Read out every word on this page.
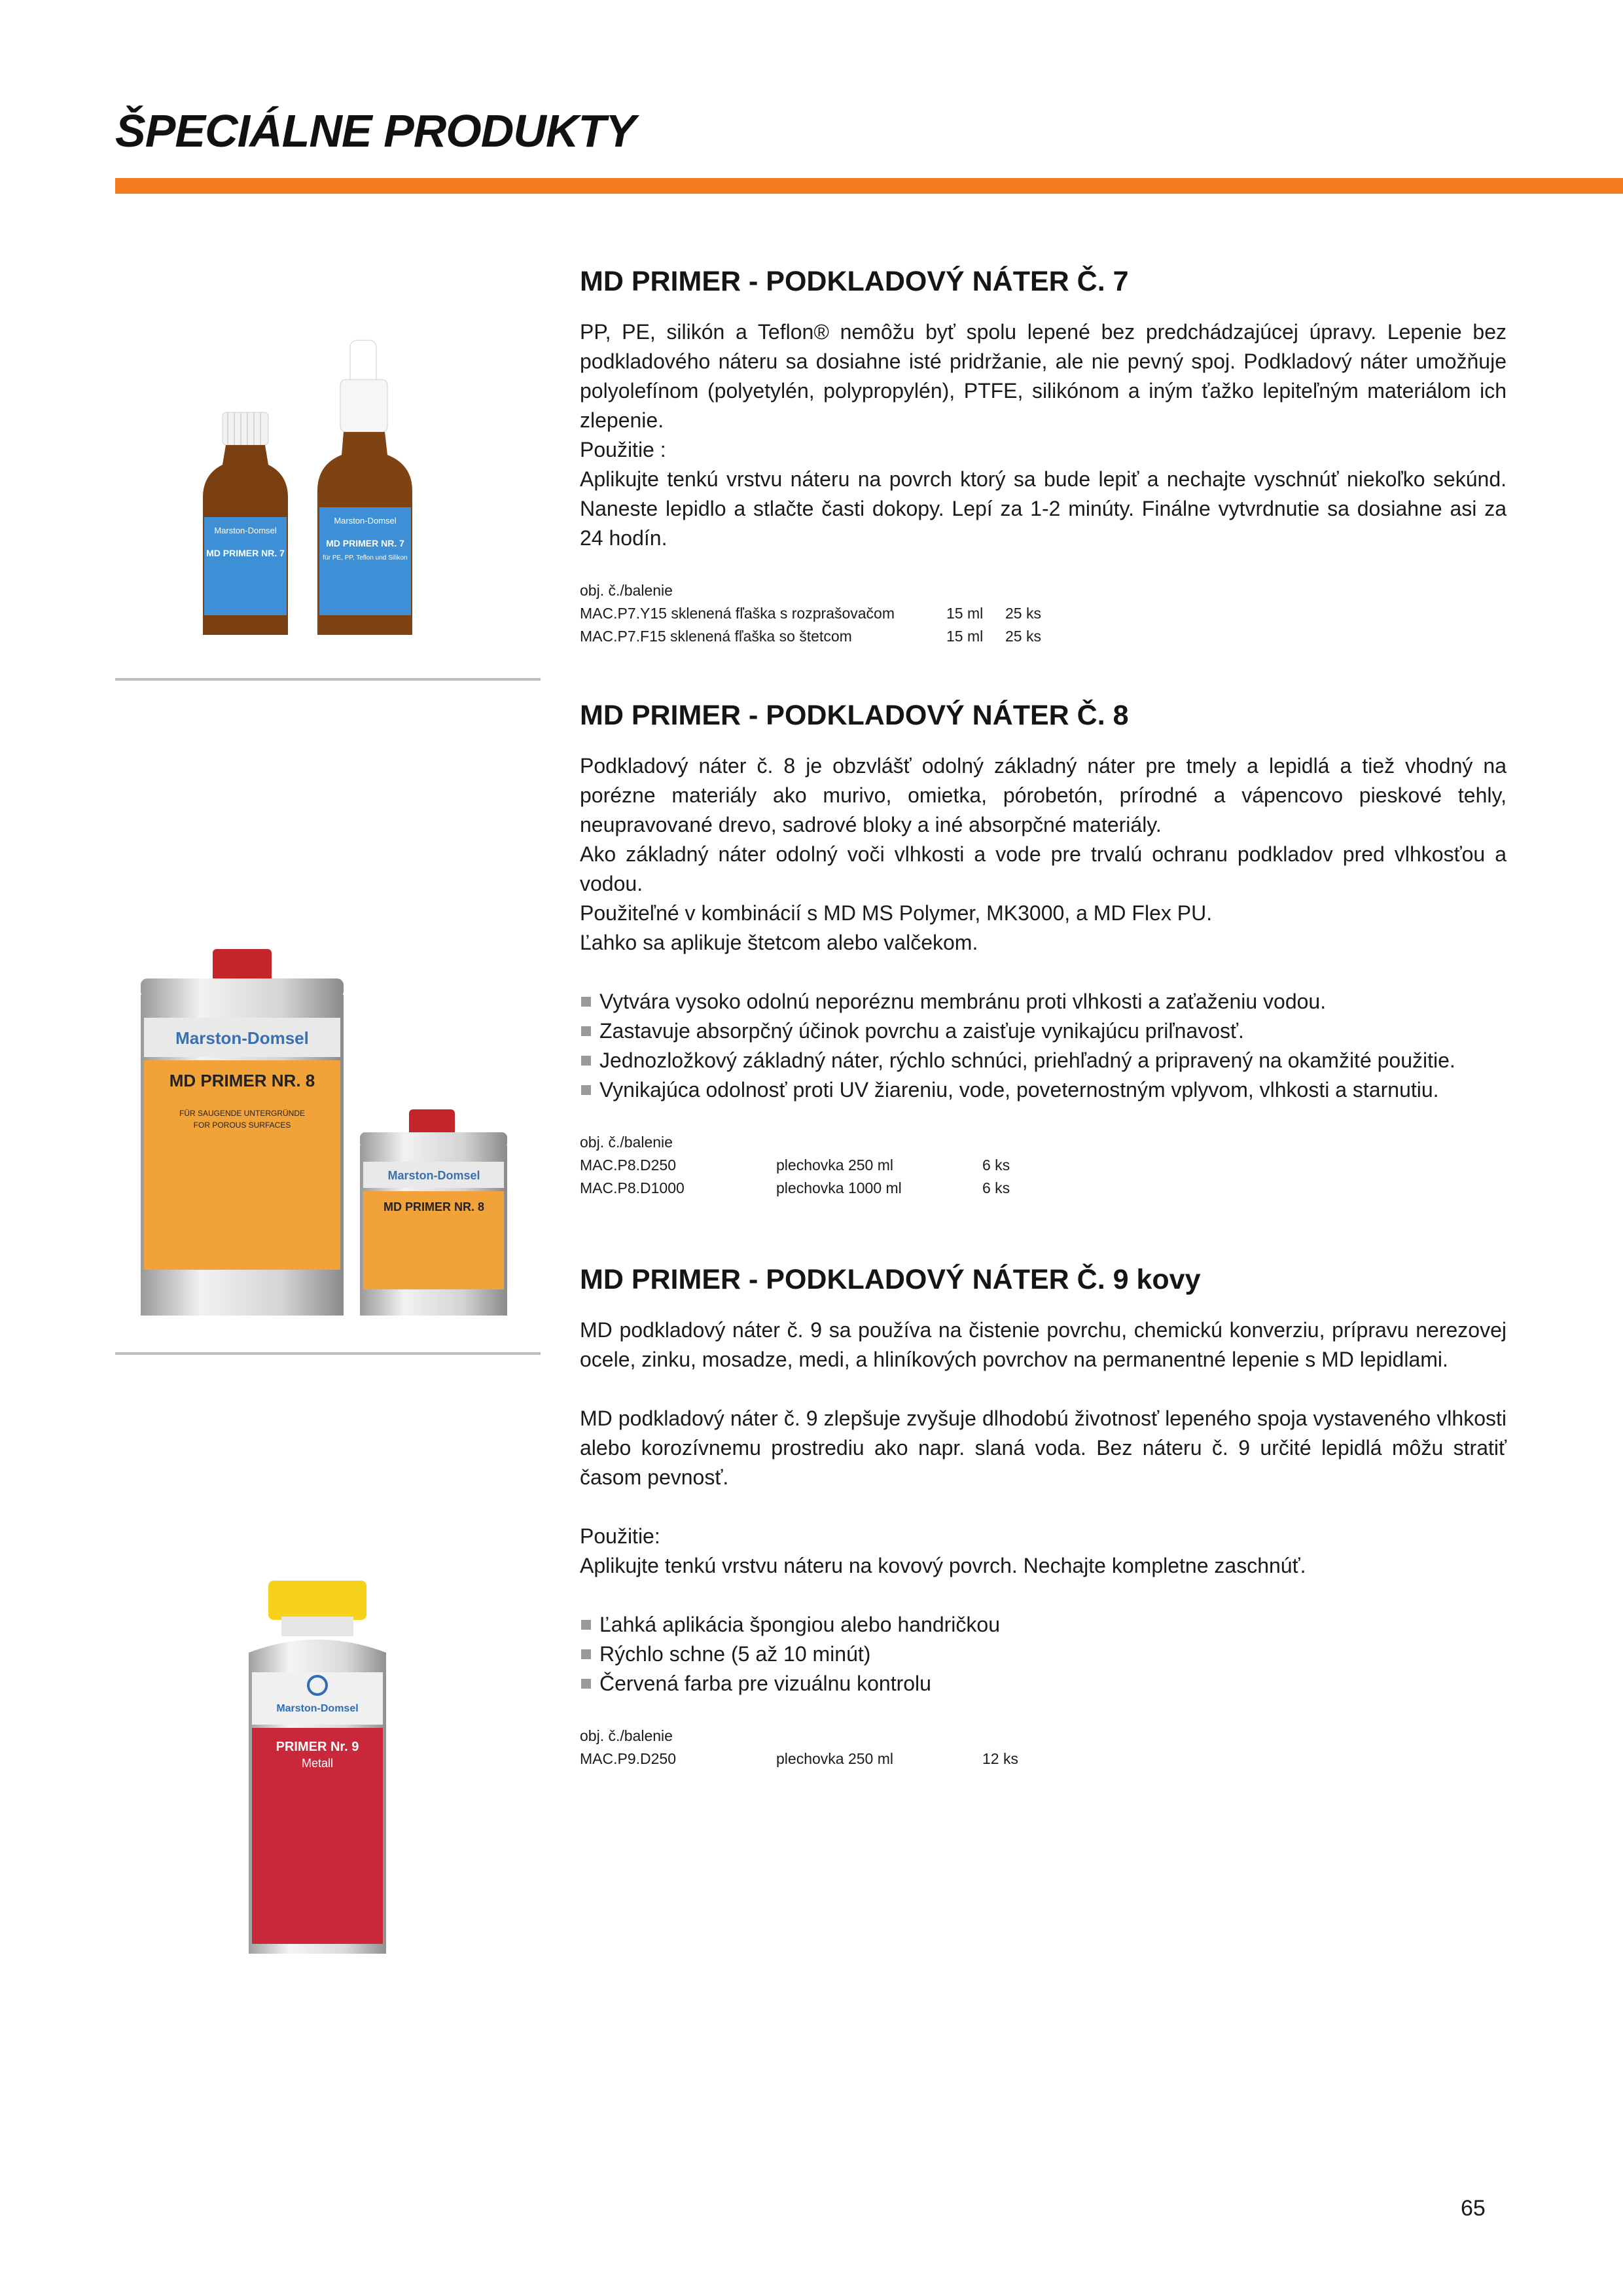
ŠPECIÁLNE PRODUKTY
Marston-Domsel
MD PRIMER NR. 7
Marston-Domsel
MD PRIMER NR. 7
für PE, PP, Teflon und Silikon
Marston-Domsel
MD PRIMER NR. 8
FÜR SAUGENDE UNTERGRÜNDE
FOR POROUS SURFACES
Marston-Domsel
MD PRIMER NR. 8
Marston-Domsel
PRIMER Nr. 9
Metall
MD PRIMER - PODKLADOVÝ NÁTER Č. 7

PP, PE, silikón a Teflon® nemôžu byť spolu lepené bez predchádzajúcej úpravy. Lepenie bez podkladového náteru sa dosiahne isté pridržanie, ale nie pevný spoj. Podkladový náter umožňuje polyolefínom (polyetylén, polypropylén), PTFE, silikónom a iným ťažko lepiteľným materiálom ich zlepenie.

Použitie :

Aplikujte tenkú vrstvu náteru na povrch ktorý sa bude lepiť a nechajte vyschnúť niekoľko sekúnd. Naneste lepidlo a stlačte časti dokopy. Lepí za 1-2 minúty. Finálne vytvrdnutie sa dosiahne asi za 24 hodín.

obj. č./balenie
MAC.P7.Y15 sklenená fľaška s rozprašovačom	15 ml	25 ks
MAC.P7.F15 sklenená fľaška so štetcom	15 ml	25 ks
MD PRIMER - PODKLADOVÝ NÁTER Č. 8

Podkladový náter č. 8 je obzvlášť odolný základný náter pre tmely a lepidlá a tiež vhodný na porézne materiály ako murivo, omietka, pórobetón, prírodné a vápencovo pieskové tehly, neupravované drevo, sadrové bloky a iné absorpčné materiály.

Ako základný náter odolný voči vlhkosti a vode pre trvalú ochranu podkladov pred vlhkosťou a vodou.

Použiteľné v kombinácií s MD MS Polymer, MK3000, a MD Flex PU.

Ľahko sa aplikuje štetcom alebo valčekom.

Vytvára vysoko odolnú neporéznu membránu proti vlhkosti a zaťaženiu vodou.
Zastavuje absorpčný účinok povrchu a zaisťuje vynikajúcu priľnavosť.
Jednozložkový základný náter, rýchlo schnúci, priehľadný a pripravený na okamžité použitie.
Vynikajúca odolnosť proti UV žiareniu, vode, poveternostným vplyvom, vlhkosti a starnutiu.
obj. č./balenie
MAC.P8.D250	plechovka 250 ml	6 ks
MAC.P8.D1000	plechovka 1000 ml	6 ks
MD PRIMER - PODKLADOVÝ NÁTER Č. 9 kovy

MD podkladový náter č. 9 sa používa na čistenie povrchu, chemickú konverziu, prípravu nerezovej ocele, zinku, mosadze, medi, a hliníkových povrchov na permanentné lepenie s MD lepidlami.

MD podkladový náter č. 9 zlepšuje zvyšuje dlhodobú životnosť lepeného spoja vystaveného vlhkosti alebo korozívnemu prostrediu ako napr. slaná voda. Bez náteru č. 9 určité lepidlá môžu stratiť časom pevnosť.

Použitie:

Aplikujte tenkú vrstvu náteru na kovový povrch. Nechajte kompletne zaschnúť.

Ľahká aplikácia špongiou alebo handričkou
Rýchlo schne (5 až 10 minút)
Červená farba pre vizuálnu kontrolu
obj. č./balenie
MAC.P9.D250	plechovka 250 ml	12 ks
65
